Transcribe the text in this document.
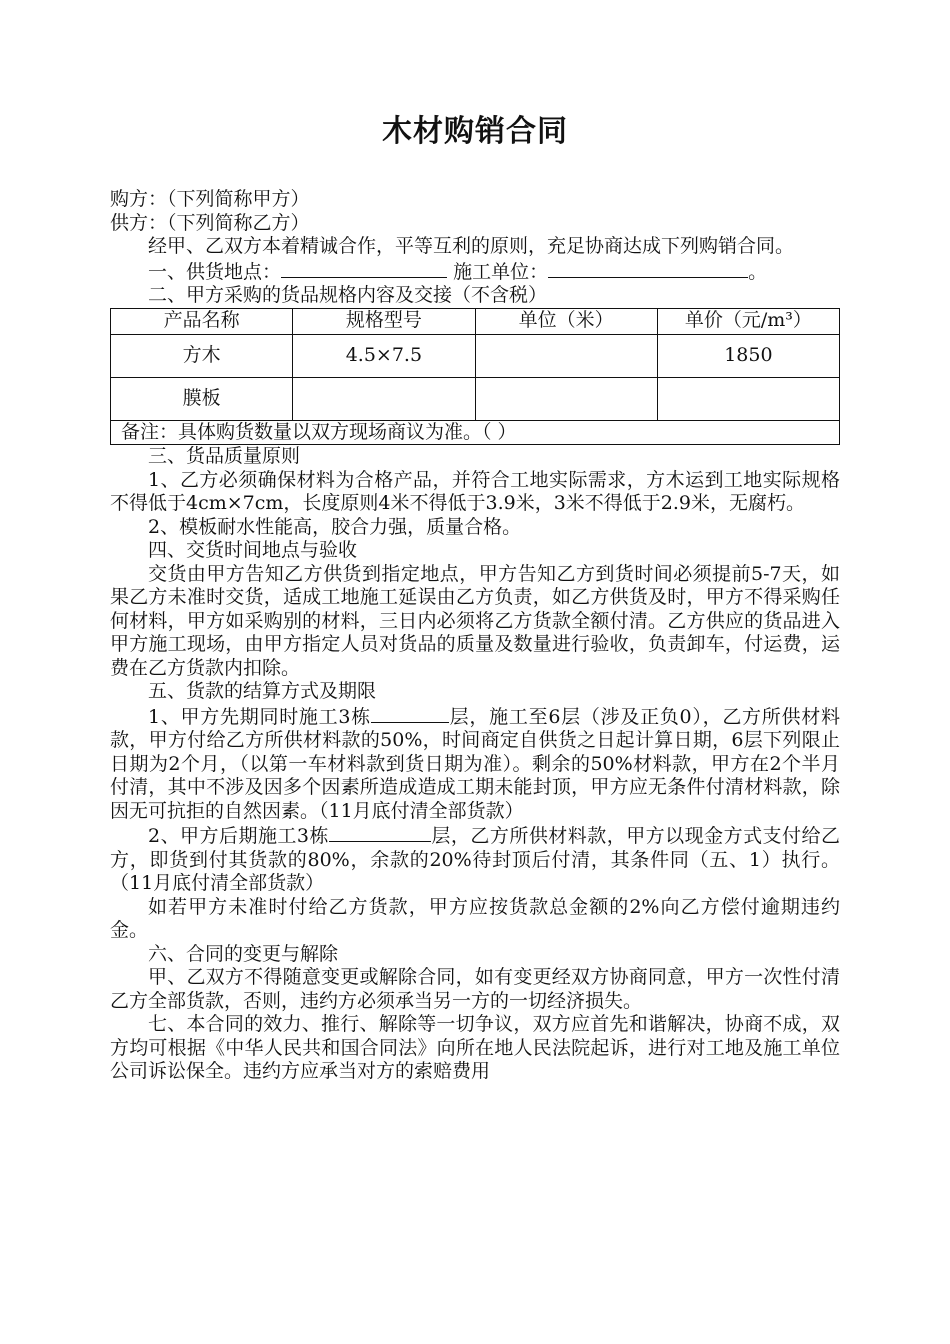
木材购销合同

购方：（下列简称甲方）

供方：（下列简称乙方）

经甲、乙双方本着精诚合作，平等互利的原则，充足协商达成下列购销合同。

一、供货地点：	施工单位：	。

二、甲方采购的货品规格内容及交接（不含税）

产品名称	规格型号	单位（米）	单价（元/m³）
方木	4.5×7.5		1850
膜板			
备注：具体购货数量以双方现场商议为准。（ ）			

三、货品质量原则

1、乙方必须确保材料为合格产品，并符合工地实际需求，方木运到工地实际规格不得低于4cm×7cm，长度原则4米不得低于3.9米，3米不得低于2.9米，无腐朽。

2、模板耐水性能高，胶合力强，质量合格。

四、交货时间地点与验收

交货由甲方告知乙方供货到指定地点，甲方告知乙方到货时间必须提前5-7天，如果乙方未准时交货，适成工地施工延误由乙方负责，如乙方供货及时，甲方不得采购任何材料，甲方如采购别的材料，三日内必须将乙方货款全额付清。乙方供应的货品进入甲方施工现场，由甲方指定人员对货品的质量及数量进行验收，负责卸车，付运费，运费在乙方货款内扣除。

五、货款的结算方式及期限

1、甲方先期同时施工3栋	层，施工至6层（涉及正负0），乙方所供材料款，甲方付给乙方所供材料款的50%，时间商定自供货之日起计算日期，6层下列限止日期为2个月，（以第一车材料款到货日期为准）。剩余的50%材料款，甲方在2个半月付清，其中不涉及因多个因素所造成造成工期未能封顶，甲方应无条件付清材料款，除因无可抗拒的自然因素。（11月底付清全部货款）

2、甲方后期施工3栋	层，乙方所供材料款，甲方以现金方式支付给乙方，即货到付其货款的80%，余款的20%待封顶后付清，其条件同（五、1）执行。（11月底付清全部货款）

如若甲方未准时付给乙方货款，甲方应按货款总金额的2%向乙方偿付逾期违约金。

六、合同的变更与解除

甲、乙双方不得随意变更或解除合同，如有变更经双方协商同意，甲方一次性付清乙方全部货款，否则，违约方必须承当另一方的一切经济损失。

七、本合同的效力、推行、解除等一切争议，双方应首先和谐解决，协商不成，双方均可根据《中华人民共和国合同法》向所在地人民法院起诉，进行对工地及施工单位公司诉讼保全。违约方应承当对方的索赔费用
